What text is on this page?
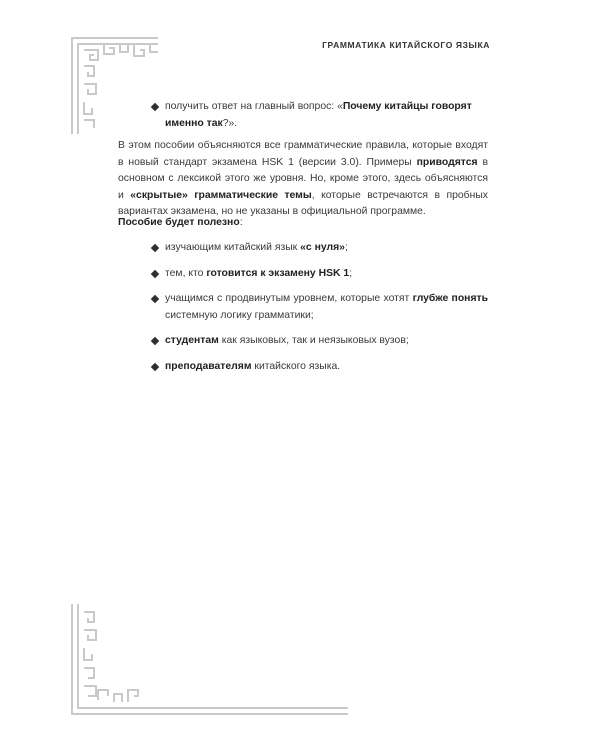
ГРАММАТИКА КИТАЙСКОГО ЯЗЫКА
получить ответ на главный вопрос: «Почему китайцы говорят именно так?».
В этом пособии объясняются все грамматические правила, которые входят в новый стандарт экзамена HSK 1 (версии 3.0). Примеры приводятся в основном с лексикой этого же уровня. Но, кроме этого, здесь объясняются и «скрытые» грамматические темы, которые встречаются в пробных вариантах экзамена, но не указаны в официальной программе.
Пособие будет полезно:
изучающим китайский язык «с нуля»;
тем, кто готовится к экзамену HSK 1;
учащимся с продвинутым уровнем, которые хотят глубже понять системную логику грамматики;
студентам как языковых, так и неязыковых вузов;
преподавателям китайского языка.
